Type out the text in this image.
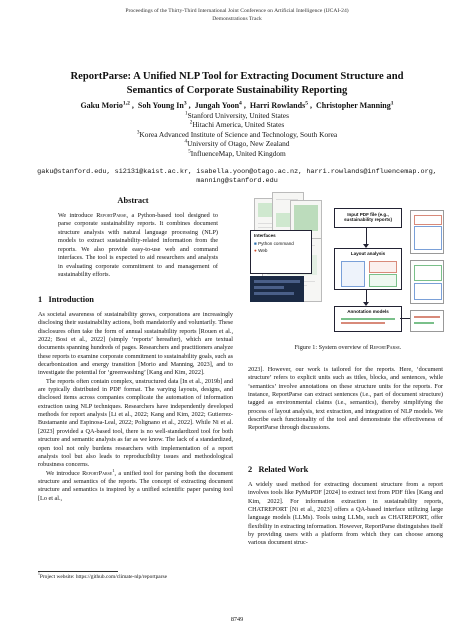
Proceedings of the Thirty-Third International Joint Conference on Artificial Intelligence (IJCAI-24)
Demonstrations Track
ReportParse: A Unified NLP Tool for Extracting Document Structure and
Semantics of Corporate Sustainability Reporting
Gaku Morio$^{1,2}$ ,  Soh Young In$^3$ ,  Jungah Yoon$^4$ ,  Harri Rowlands$^5$ ,  Christopher Manning$^1$
$^1$Stanford University, United States
$^2$Hitachi America, United States
$^3$Korea Advanced Institute of Science and Technology, South Korea
$^4$University of Otago, New Zealand
$^5$InfluenceMap, United Kingdom
gaku@stanford.edu, si2131@kaist.ac.kr, isabella.yoon@otago.ac.nz, harri.rowlands@influencemap.org,
manning@stanford.edu
Abstract
We introduce ReportParse, a Python-based tool designed to parse corporate sustainability reports. It combines document structure analysis with natural language processing (NLP) models to extract sustainability-related information from the reports. We also provide easy-to-use web and command interfaces. The tool is expected to aid researchers and analysts in evaluating corporate commitment to and management of sustainability efforts.
1 Introduction

As societal awareness of sustainability grows, corporations are increasingly disclosing their sustainability actions, both mandatorily and voluntarily. These disclosures often take the form of annual sustainability reports [Rouen et al., 2022; Bosi et al., 2022] (simply ‘reports’ hereafter), which are textual documents spanning hundreds of pages. Researchers and practitioners analyze these reports to examine corporate commitment to sustainability goals, such as decarbonization and energy transition [Morio and Manning, 2023], and to investigate the potential for ‘greenwashing’ [Kang and Kim, 2022].

The reports often contain complex, unstructured data [In et al., 2019b] and are typically distributed in PDF format. The varying layouts, designs, and disclosed items across companies complicate the automation of information extraction using NLP techniques. Researchers have independently developed methods for report analysis [Li et al., 2022; Kang and Kim, 2022; Gutierrez-Bustamante and Espinosa-Leal, 2022; Polignano et al., 2022]. While Ni et al. [2023] provided a QA-based tool, there is no well-standardized tool for both structure and semantic analysis as far as we know. The lack of a standardized, open tool not only burdens researchers with implementation of a report analysis tool but also leads to reproducibility issues and methodological robustness concerns.

We introduce ReportParse$^1$, a unified tool for parsing both the document structure and semantics of the reports. The concept of extracting document structure and semantics is inspired by a unified scientific paper parsing tool [Lo et al.,

$^1$Project website: https://github.com/climate-nlp/reportparse
Input PDF file (e.g., sustainability reports)
Interfaces
■ Python command
● Web
Layout analysis
Annotation models
Figure 1: System overview of ReportParse.
2023]. However, our work is tailored for the reports. Here, ‘document structure’ refers to explicit units such as titles, blocks, and sentences, while ‘semantics’ involve annotations on these structure units for the reports. For instance, ReportParse can extract sentences (i.e., part of document structure) tagged as environmental claims (i.e., semantics), thereby simplifying the process of layout analysis, text extraction, and integration of NLP models. We describe each functionality of the tool and demonstrate the effectiveness of ReportParse through discussions.
2 Related Work
A widely used method for extracting document structure from a report involves tools like PyMuPDF [2024] to extract text from PDF files [Kang and Kim, 2022]. For information extraction in sustainability reports, CHATREPORT [Ni et al., 2023] offers a QA-based interface utilizing large language models (LLMs). Tools using LLMs, such as CHATREPORT, offer flexibility in extracting information. However, ReportParse distinguishes itself by providing users with a platform from which they can choose among various document struc-
8749
